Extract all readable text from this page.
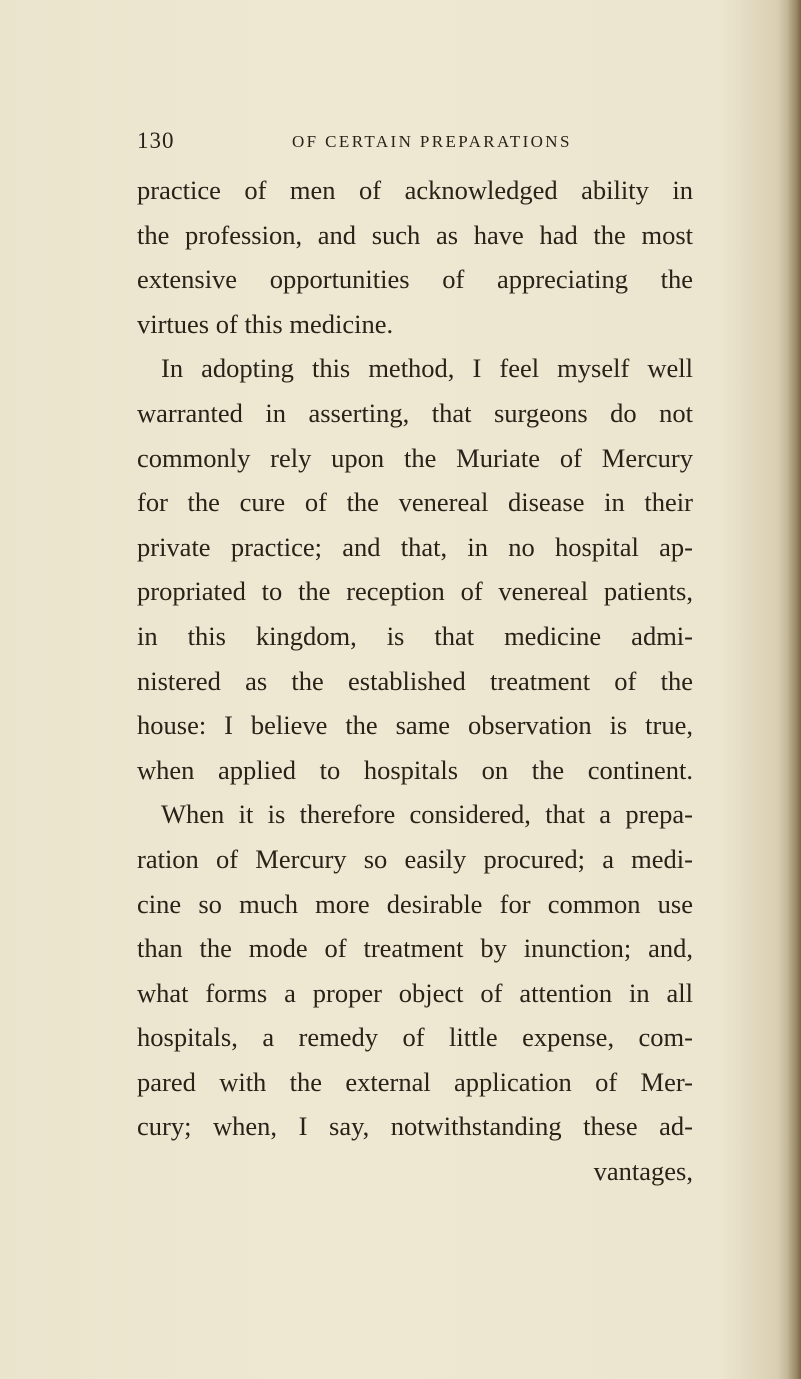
130	OF CERTAIN PREPARATIONS
practice of men of acknowledged ability in
the profession, and such as have had the most
extensive opportunities of appreciating the
virtues of this medicine.
In adopting this method, I feel myself well
warranted in asserting, that surgeons do not
commonly rely upon the Muriate of Mercury
for the cure of the venereal disease in their
private practice; and that, in no hospital ap-
propriated to the reception of venereal patients,
in this kingdom, is that medicine admi-
nistered as the established treatment of the
house: I believe the same observation is true,
when applied to hospitals on the continent.
When it is therefore considered, that a prepa-
ration of Mercury so easily procured; a medi-
cine so much more desirable for common use
than the mode of treatment by inunction; and,
what forms a proper object of attention in all
hospitals, a remedy of little expense, com-
pared with the external application of Mer-
cury; when, I say, notwithstanding these ad-
vantages,
